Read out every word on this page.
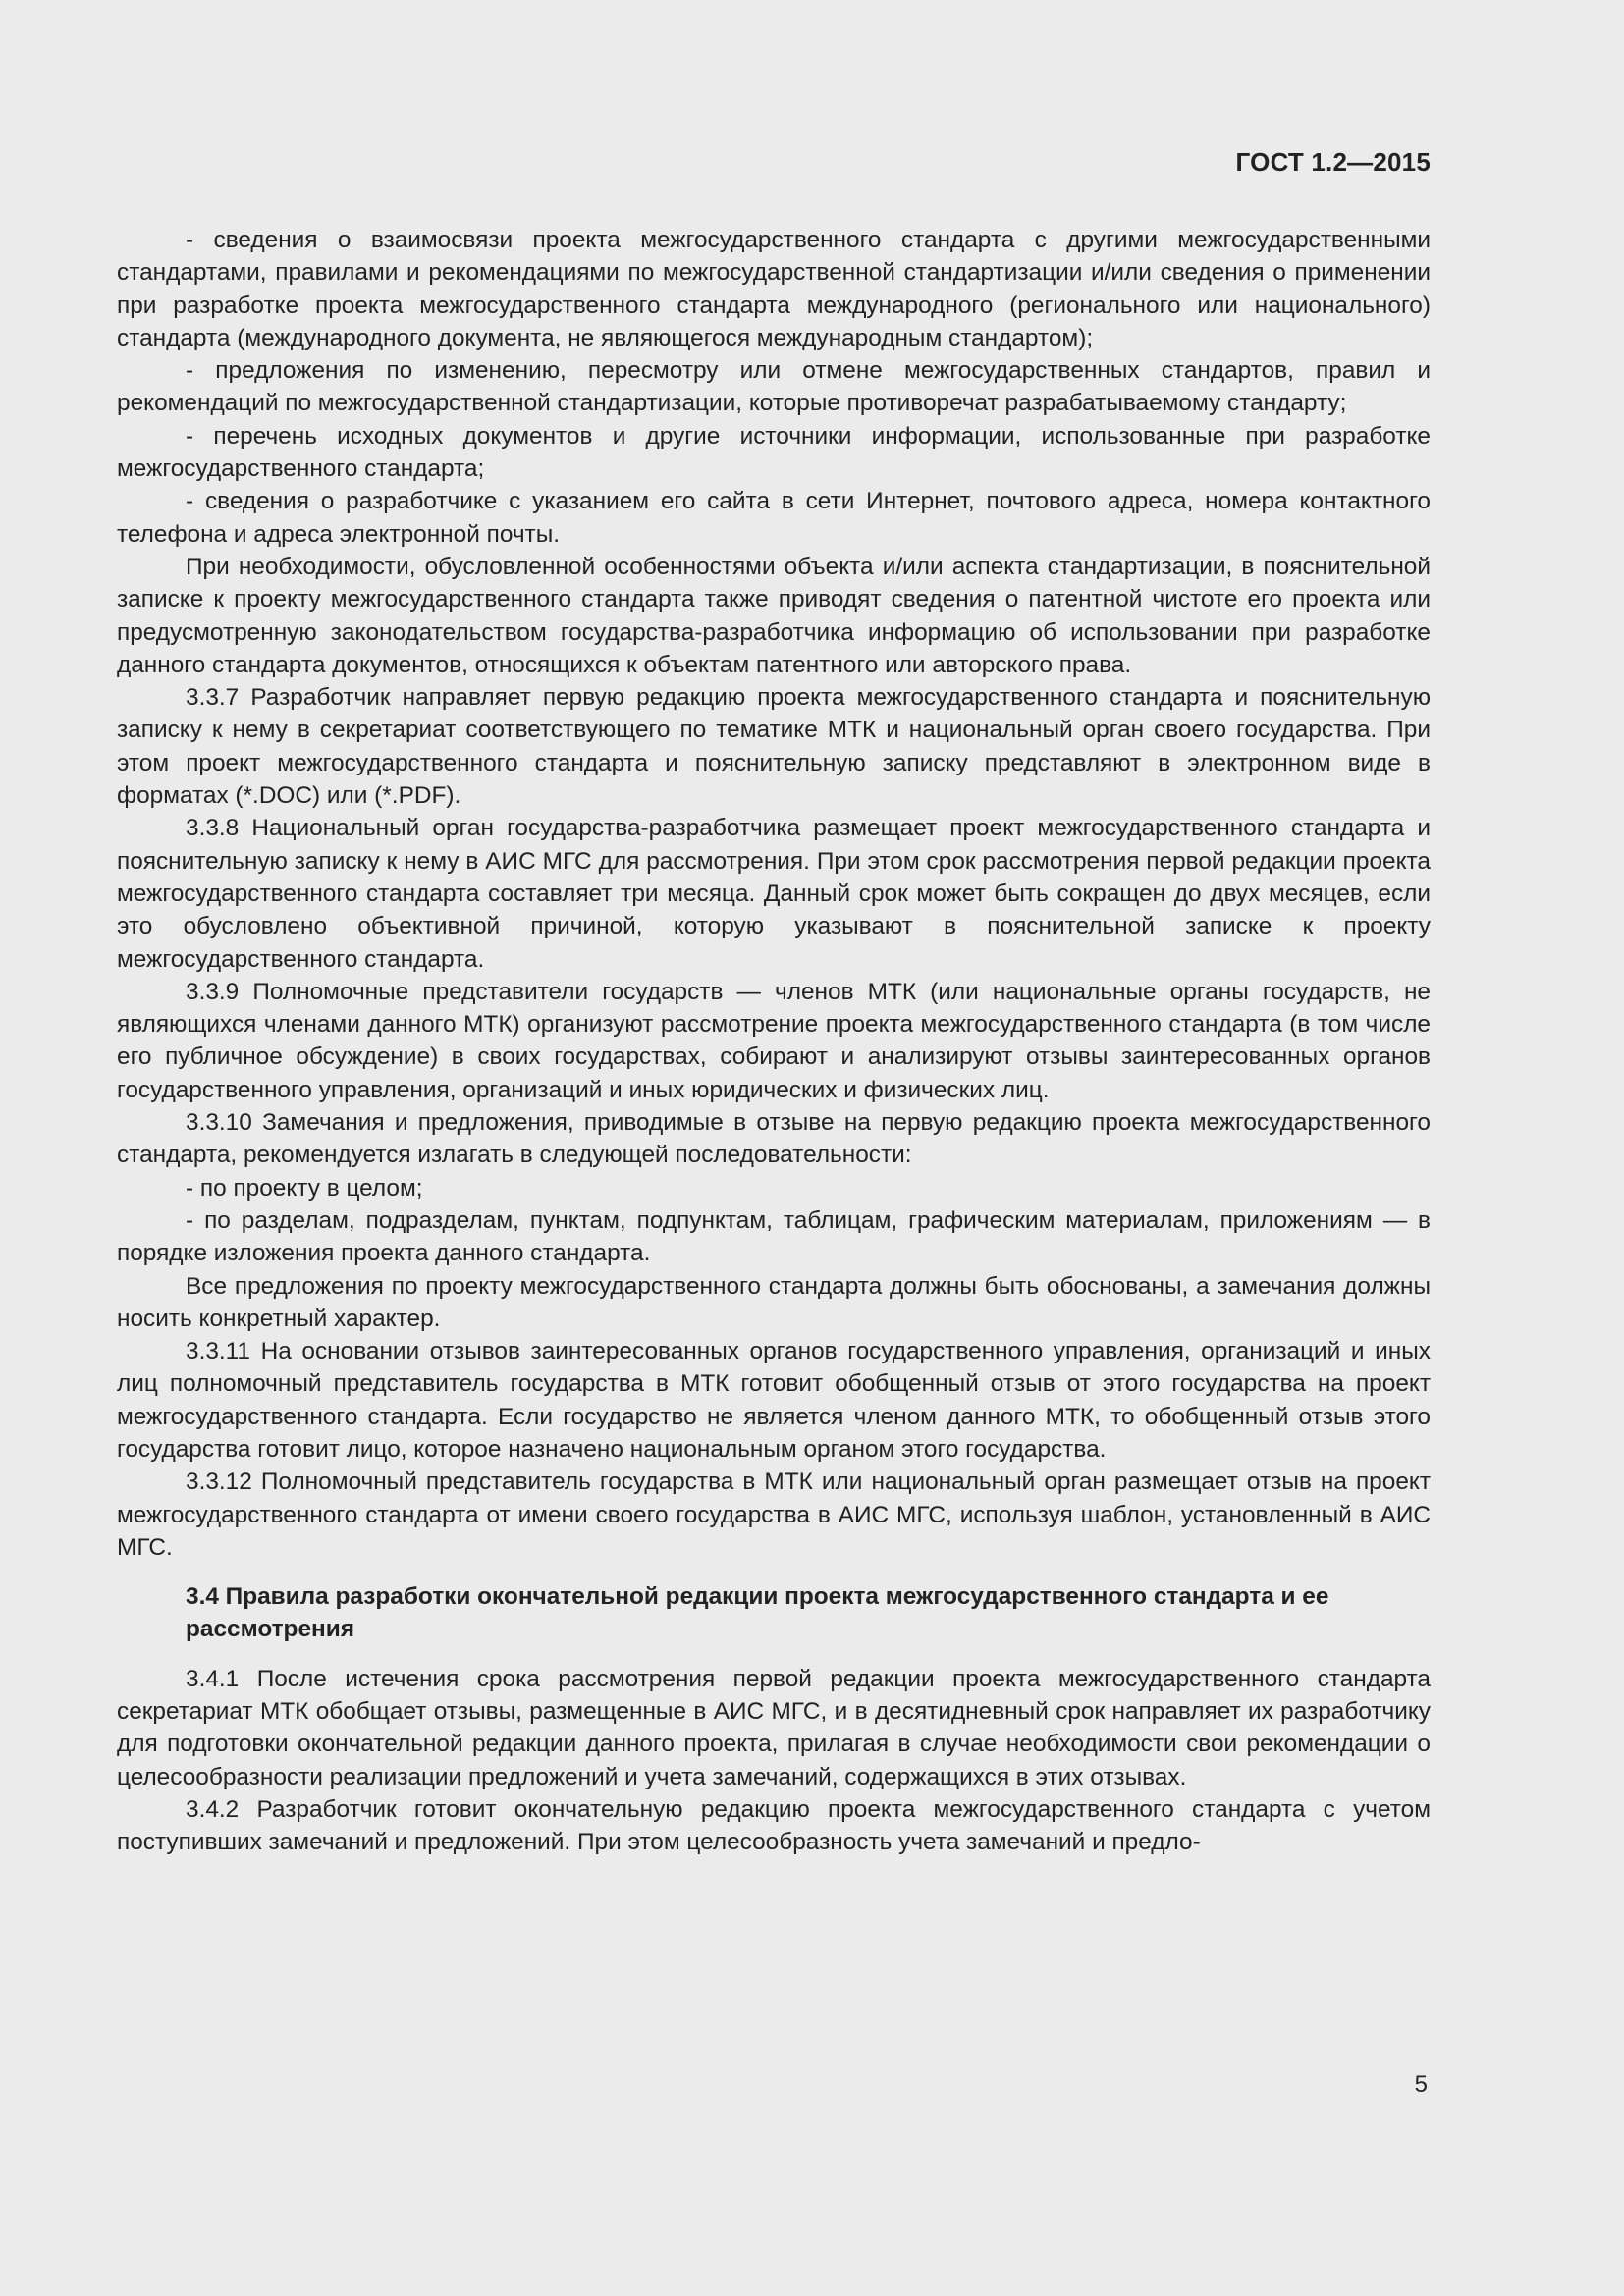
ГОСТ 1.2—2015

- сведения о взаимосвязи проекта межгосударственного стандарта с другими межгосударственными стандартами, правилами и рекомендациями по межгосударственной стандартизации и/или сведения о применении при разработке проекта межгосударственного стандарта международного (регионального или национального) стандарта (международного документа, не являющегося международным стандартом);

- предложения по изменению, пересмотру или отмене межгосударственных стандартов, правил и рекомендаций по межгосударственной стандартизации, которые противоречат разрабатываемому стандарту;

- перечень исходных документов и другие источники информации, использованные при разработке межгосударственного стандарта;

- сведения о разработчике с указанием его сайта в сети Интернет, почтового адреса, номера контактного телефона и адреса электронной почты.

При необходимости, обусловленной особенностями объекта и/или аспекта стандартизации, в пояснительной записке к проекту межгосударственного стандарта также приводят сведения о патентной чистоте его проекта или предусмотренную законодательством государства-разработчика информацию об использовании при разработке данного стандарта документов, относящихся к объектам патентного или авторского права.

3.3.7 Разработчик направляет первую редакцию проекта межгосударственного стандарта и пояснительную записку к нему в секретариат соответствующего по тематике МТК и национальный орган своего государства. При этом проект межгосударственного стандарта и пояснительную записку представляют в электронном виде в форматах (*.DOC) или (*.PDF).

3.3.8 Национальный орган государства-разработчика размещает проект межгосударственного стандарта и пояснительную записку к нему в АИС МГС для рассмотрения. При этом срок рассмотрения первой редакции проекта межгосударственного стандарта составляет три месяца. Данный срок может быть сокращен до двух месяцев, если это обусловлено объективной причиной, которую указывают в пояснительной записке к проекту межгосударственного стандарта.

3.3.9 Полномочные представители государств — членов МТК (или национальные органы государств, не являющихся членами данного МТК) организуют рассмотрение проекта межгосударственного стандарта (в том числе его публичное обсуждение) в своих государствах, собирают и анализируют отзывы заинтересованных органов государственного управления, организаций и иных юридических и физических лиц.

3.3.10 Замечания и предложения, приводимые в отзыве на первую редакцию проекта межгосударственного стандарта, рекомендуется излагать в следующей последовательности:

- по проекту в целом;

- по разделам, подразделам, пунктам, подпунктам, таблицам, графическим материалам, приложениям — в порядке изложения проекта данного стандарта.

Все предложения по проекту межгосударственного стандарта должны быть обоснованы, а замечания должны носить конкретный характер.

3.3.11 На основании отзывов заинтересованных органов государственного управления, организаций и иных лиц полномочный представитель государства в МТК готовит обобщенный отзыв от этого государства на проект межгосударственного стандарта. Если государство не является членом данного МТК, то обобщенный отзыв этого государства готовит лицо, которое назначено национальным органом этого государства.

3.3.12 Полномочный представитель государства в МТК или национальный орган размещает отзыв на проект межгосударственного стандарта от имени своего государства в АИС МГС, используя шаблон, установленный в АИС МГС.

3.4 Правила разработки окончательной редакции проекта межгосударственного стандарта и ее рассмотрения

3.4.1 После истечения срока рассмотрения первой редакции проекта межгосударственного стандарта секретариат МТК обобщает отзывы, размещенные в АИС МГС, и в десятидневный срок направляет их разработчику для подготовки окончательной редакции данного проекта, прилагая в случае необходимости свои рекомендации о целесообразности реализации предложений и учета замечаний, содержащихся в этих отзывах.

3.4.2 Разработчик готовит окончательную редакцию проекта межгосударственного стандарта с учетом поступивших замечаний и предложений. При этом целесообразность учета замечаний и предло-

5
